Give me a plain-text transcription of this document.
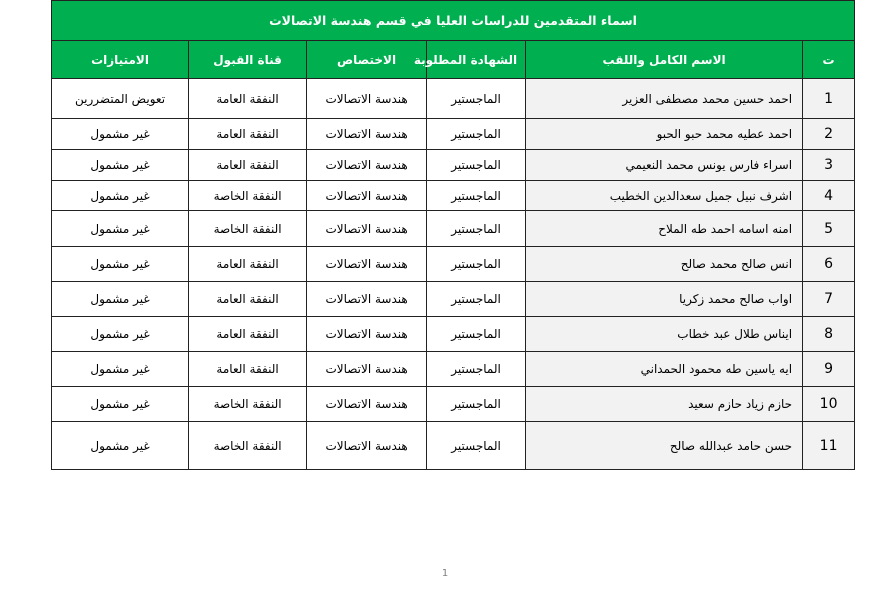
اسماء المتقدمين للدراسات العليا في قسم هندسة الاتصالات					
ت	الاسم الكامل واللقب	الشهادة المطلوبة	الاختصاص	قناة القبول	الامتيازات
1	احمد حسين محمد مصطفى العزير	الماجستير	هندسة الاتصالات	النفقة العامة	تعويض المتضررين
2	احمد عطيه محمد حبو الحبو	الماجستير	هندسة الاتصالات	النفقة العامة	غير مشمول
3	اسراء فارس يونس محمد النعيمي	الماجستير	هندسة الاتصالات	النفقة العامة	غير مشمول
4	اشرف نبيل جميل سعدالدين الخطيب	الماجستير	هندسة الاتصالات	النفقة الخاصة	غير مشمول
5	امنه اسامه احمد طه الملاح	الماجستير	هندسة الاتصالات	النفقة الخاصة	غير مشمول
6	انس صالح محمد صالح	الماجستير	هندسة الاتصالات	النفقة العامة	غير مشمول
7	اواب صالح محمد زكريا	الماجستير	هندسة الاتصالات	النفقة العامة	غير مشمول
8	ايناس طلال عبد خطاب	الماجستير	هندسة الاتصالات	النفقة العامة	غير مشمول
9	ايه ياسين طه محمود الحمداني	الماجستير	هندسة الاتصالات	النفقة العامة	غير مشمول
10	حازم زياد حازم سعيد	الماجستير	هندسة الاتصالات	النفقة الخاصة	غير مشمول
11	حسن حامد عبدالله صالح	الماجستير	هندسة الاتصالات	النفقة الخاصة	غير مشمول
1
